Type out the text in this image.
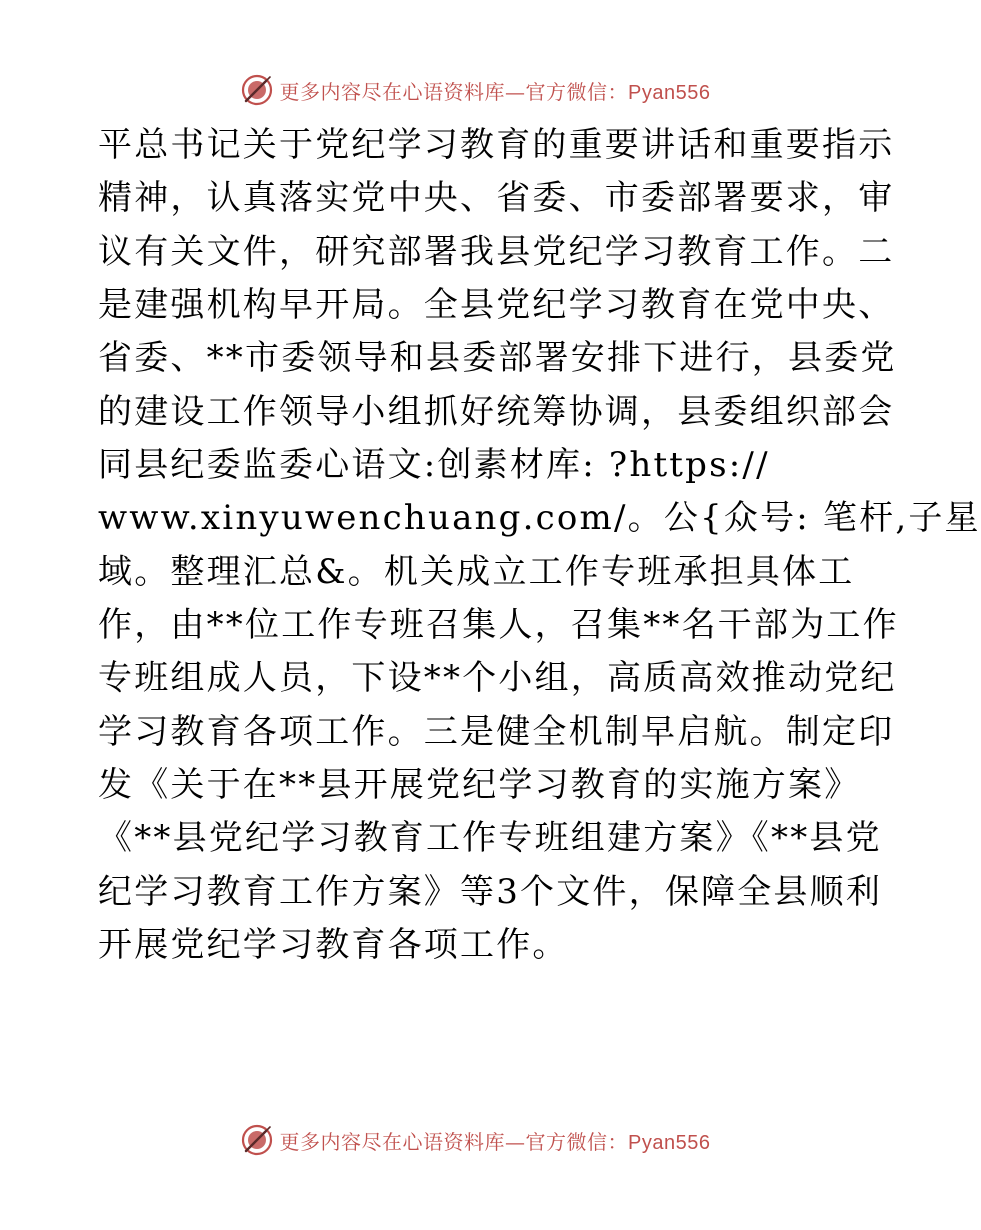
更多内容尽在心语资料库—官方微信：Pyan556
平总书记关于党纪学习教育的重要讲话和重要指示
精神，认真落实党中央、省委、市委部署要求，审
议有关文件，研究部署我县党纪学习教育工作。二
是建强机构早开局。全县党纪学习教育在党中央、
省委、**市委领导和县委部署安排下进行，县委党
的建设工作领导小组抓好统筹协调，县委组织部会
同县纪委监委心语文:创素材库: ?https://
www.xinyuwenchuang.com/。公{众号: 笔杆,子星
域。整理汇总&。机关成立工作专班承担具体工
作，由**位工作专班召集人，召集**名干部为工作
专班组成人员，下设**个小组，高质高效推动党纪
学习教育各项工作。三是健全机制早启航。制定印
发《关于在**县开展党纪学习教育的实施方案》
《**县党纪学习教育工作专班组建方案》《**县党
纪学习教育工作方案》等3个文件，保障全县顺利
开展党纪学习教育各项工作。
更多内容尽在心语资料库—官方微信：Pyan556
